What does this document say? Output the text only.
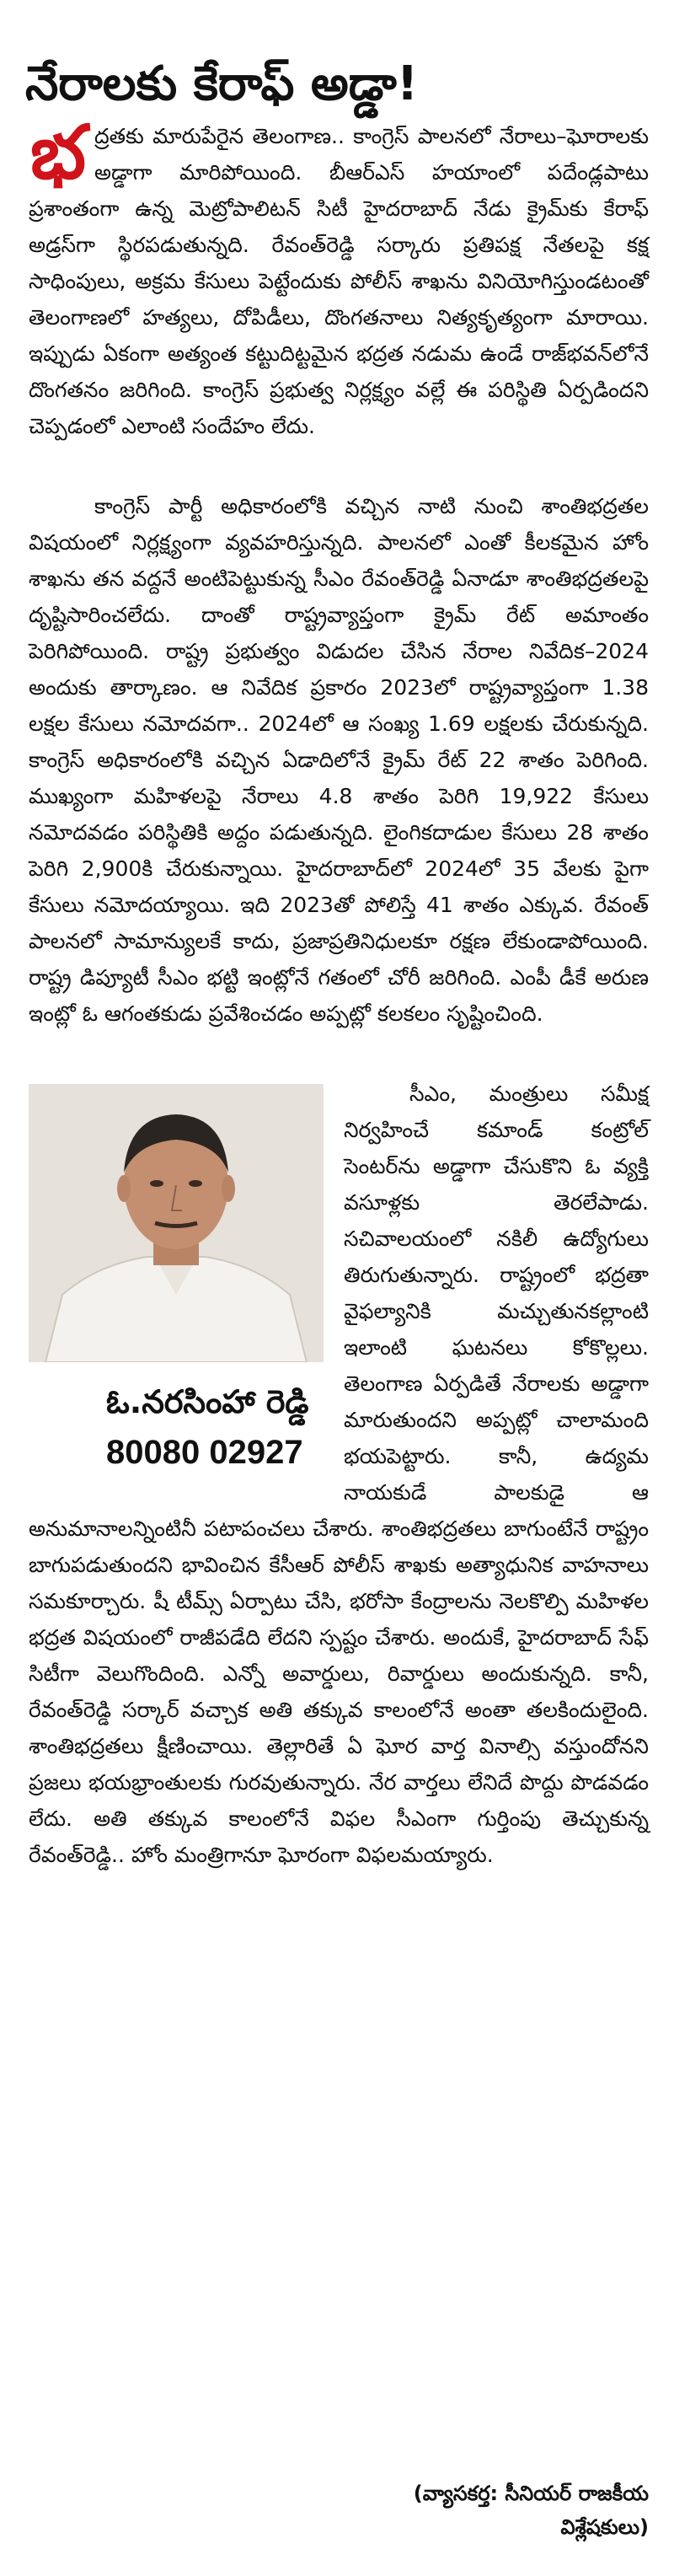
నేరాలకు కేరాఫ్ అడ్డా!

భ ద్రతకు మారుపేరైన తెలంగాణ.. కాంగ్రెస్ పాలనలో నేరాలు–ఘోరాలకు అడ్డాగా మారిపోయింది. బీఆర్ఎస్ హయాంలో పదేండ్లపాటు ప్రశాంతంగా ఉన్న మెట్రోపాలిటన్ సిటీ హైదరాబాద్ నేడు క్రైమ్‌కు కేరాఫ్ అడ్రస్‌గా స్థిరపడుతున్నది. రేవంత్‌రెడ్డి సర్కారు ప్రతిపక్ష నేతలపై కక్ష సాధింపులు, అక్రమ కేసులు పెట్టేందుకు పోలీస్ శాఖను వినియోగిస్తుండటంతో తెలంగాణలో హత్యలు, దోపిడీలు, దొంగతనాలు నిత్యకృత్యంగా మారాయి. ఇప్పుడు ఏకంగా అత్యంత కట్టుదిట్టమైన భద్రత నడుమ ఉండే రాజ్‌భవన్‌లోనే దొంగతనం జరిగింది. కాంగ్రెస్ ప్రభుత్వ నిర్లక్ష్యం వల్లే ఈ పరిస్థితి ఏర్పడిందని చెప్పడంలో ఎలాంటి సందేహం లేదు.

కాంగ్రెస్ పార్టీ అధికారంలోకి వచ్చిన నాటి నుంచి శాంతిభద్రతల విషయంలో నిర్లక్ష్యంగా వ్యవహరిస్తున్నది. పాలనలో ఎంతో కీలకమైన హోం శాఖను తన వద్దనే అంటిపెట్టుకున్న సీఎం రేవంత్‌రెడ్డి ఏనాడూ శాంతిభద్రతలపై దృష్టిసారించలేదు. దాంతో రాష్ట్రవ్యాప్తంగా క్రైమ్ రేట్ అమాంతం పెరిగిపోయింది. రాష్ట్ర ప్రభుత్వం విడుదల చేసిన నేరాల నివేదిక–2024 అందుకు తార్కాణం. ఆ నివేదిక ప్రకారం 2023లో రాష్ట్రవ్యాప్తంగా 1.38 లక్షల కేసులు నమోదవగా.. 2024లో ఆ సంఖ్య 1.69 లక్షలకు చేరుకున్నది. కాంగ్రెస్ అధికారంలోకి వచ్చిన ఏడాదిలోనే క్రైమ్ రేట్ 22 శాతం పెరిగింది. ముఖ్యంగా మహిళలపై నేరాలు 4.8 శాతం పెరిగి 19,922 కేసులు నమోదవడం పరిస్థితికి అద్దం పడుతున్నది. లైంగికదాడుల కేసులు 28 శాతం పెరిగి 2,900కి చేరుకున్నాయి. హైదరాబాద్‌లో 2024లో 35 వేలకు పైగా కేసులు నమోదయ్యాయి. ఇది 2023తో పోలిస్తే 41 శాతం ఎక్కువ. రేవంత్ పాలనలో సామాన్యులకే కాదు, ప్రజాప్రతినిధులకూ రక్షణ లేకుండాపోయింది. రాష్ట్ర డిప్యూటీ సీఎం భట్టి ఇంట్లోనే గతంలో చోరీ జరిగింది. ఎంపీ డీకే అరుణ ఇంట్లో ఓ ఆగంతకుడు ప్రవేశించడం అప్పట్లో కలకలం సృష్టించింది.

ఓ.నరసింహా రెడ్డి
80080 02927
సీఎం, మంత్రులు సమీక్ష నిర్వహించే కమాండ్ కంట్రోల్ సెంటర్‌ను అడ్డాగా చేసుకొని ఓ వ్యక్తి వసూళ్లకు తెరలేపాడు. సచివాలయంలో నకిలీ ఉద్యోగులు తిరుగుతున్నారు. రాష్ట్రంలో భద్రతా వైఫల్యానికి మచ్చుతునకల్లాంటి ఇలాంటి ఘటనలు కోకొల్లలు. తెలంగాణ ఏర్పడితే నేరాలకు అడ్డాగా మారుతుందని అప్పట్లో చాలామంది భయపెట్టారు. కానీ, ఉద్యమ నాయకుడే పాలకుడై ఆ అనుమానాలన్నింటినీ పటాపంచలు చేశారు. శాంతిభద్రతలు బాగుంటేనే రాష్ట్రం బాగుపడుతుందని భావించిన కేసీఆర్ పోలీస్ శాఖకు అత్యాధునిక వాహనాలు సమకూర్చారు. షీ టీమ్స్ ఏర్పాటు చేసి, భరోసా కేంద్రాలను నెలకొల్పి మహిళల భద్రత విషయంలో రాజీపడేది లేదని స్పష్టం చేశారు. అందుకే, హైదరాబాద్ సేఫ్ సిటీగా వెలుగొందింది. ఎన్నో అవార్డులు, రివార్డులు అందుకున్నది. కానీ, రేవంత్‌రెడ్డి సర్కార్ వచ్చాక అతి తక్కువ కాలంలోనే అంతా తలకిందులైంది. శాంతిభద్రతలు క్షీణించాయి. తెల్లారితే ఏ ఘోర వార్త వినాల్సి వస్తుందోనని ప్రజలు భయభ్రాంతులకు గురవుతున్నారు. నేర వార్తలు లేనిదే పొద్దు పొడవడం లేదు. అతి తక్కువ కాలంలోనే విఫల సీఎంగా గుర్తింపు తెచ్చుకున్న రేవంత్‌రెడ్డి.. హోం మంత్రిగానూ ఘోరంగా విఫలమయ్యారు.

(వ్యాసకర్త: సీనియర్ రాజకీయ విశ్లేషకులు)
